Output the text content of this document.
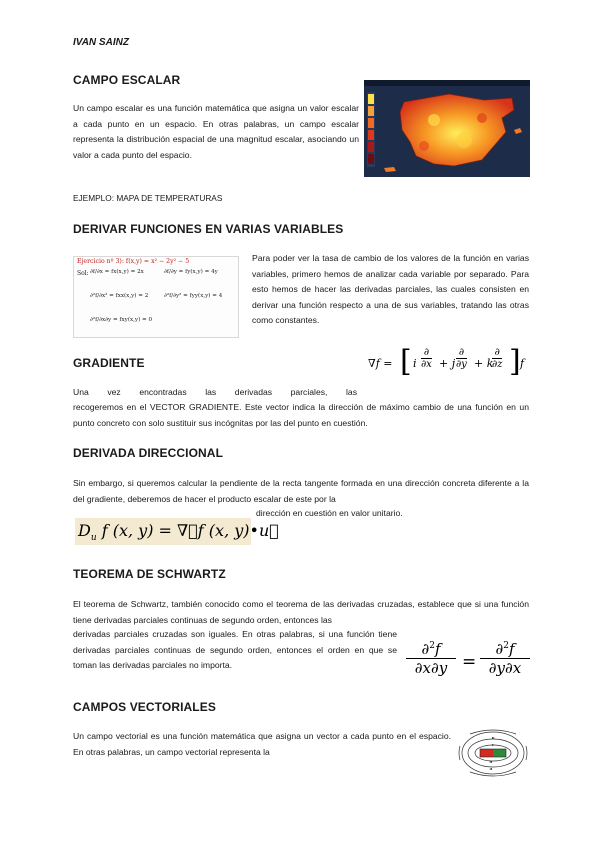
IVAN SAINZ
CAMPO ESCALAR

Un campo escalar es una función matemática que asigna un valor escalar a cada punto en un espacio. En otras palabras, un campo escalar representa la distribución espacial de una magnitud escalar, asociando un valor a cada punto del espacio.

EJEMPLO: MAPA DE TEMPERATURAS

DERIVAR FUNCIONES EN VARIAS VARIABLES
Ejercicio nº 3): f(x,y) = x² − 2y² − 5
Sol: ∂f/∂x = fx(x,y) = 2x	∂f/∂y = fy(x,y) = 4y
∂²f/∂x² = fxx(x,y) = 2	∂²f/∂y² = fyy(x,y) = 4
∂²f/∂x∂y = fxy(x,y) = 0

Para poder ver la tasa de cambio de los valores de la función en varias variables, primero hemos de analizar cada variable por separado. Para esto hemos de hacer las derivadas parciales, las cuales consisten en derivar una función respecto a una de sus variables, tratando las otras como constantes.

GRADIENTE

Una vez encontradas las derivadas parciales, las

recogeremos en el VECTOR GRADIENTE. Este vector indica la dirección de máximo cambio de una función en un punto concreto con solo sustituir sus incógnitas por las del punto en cuestión.

∇f = [ i
∂
∂x + j
∂
∂y + k
∂
∂z ] f
DERIVADA DIRECCIONAL

Sin embargo, si queremos calcular la pendiente de la recta tangente formada en una dirección concreta diferente a la del gradiente, deberemos de hacer el producto escalar de este por la

dirección en cuestión en valor unitario.

$D_u$ f (x, y) = ∇⃗f (x, y)•u⃗
TEOREMA DE SCHWARTZ

El teorema de Schwartz, también conocido como el teorema de las derivadas cruzadas, establece que si una función tiene derivadas parciales continuas de segundo orden, entonces las

derivadas parciales cruzadas son iguales. En otras palabras, si una función tiene derivadas parciales continuas de segundo orden, entonces el orden en que se toman las derivadas parciales no importa.	$\frac{\partial^2f}{\partial x\partial y} = \frac{\partial^2f}{\partial y\partial x}$
CAMPOS VECTORIALES

Un campo vectorial es una función matemática que asigna un vector a cada punto en el espacio. En otras palabras, un campo vectorial representa la
